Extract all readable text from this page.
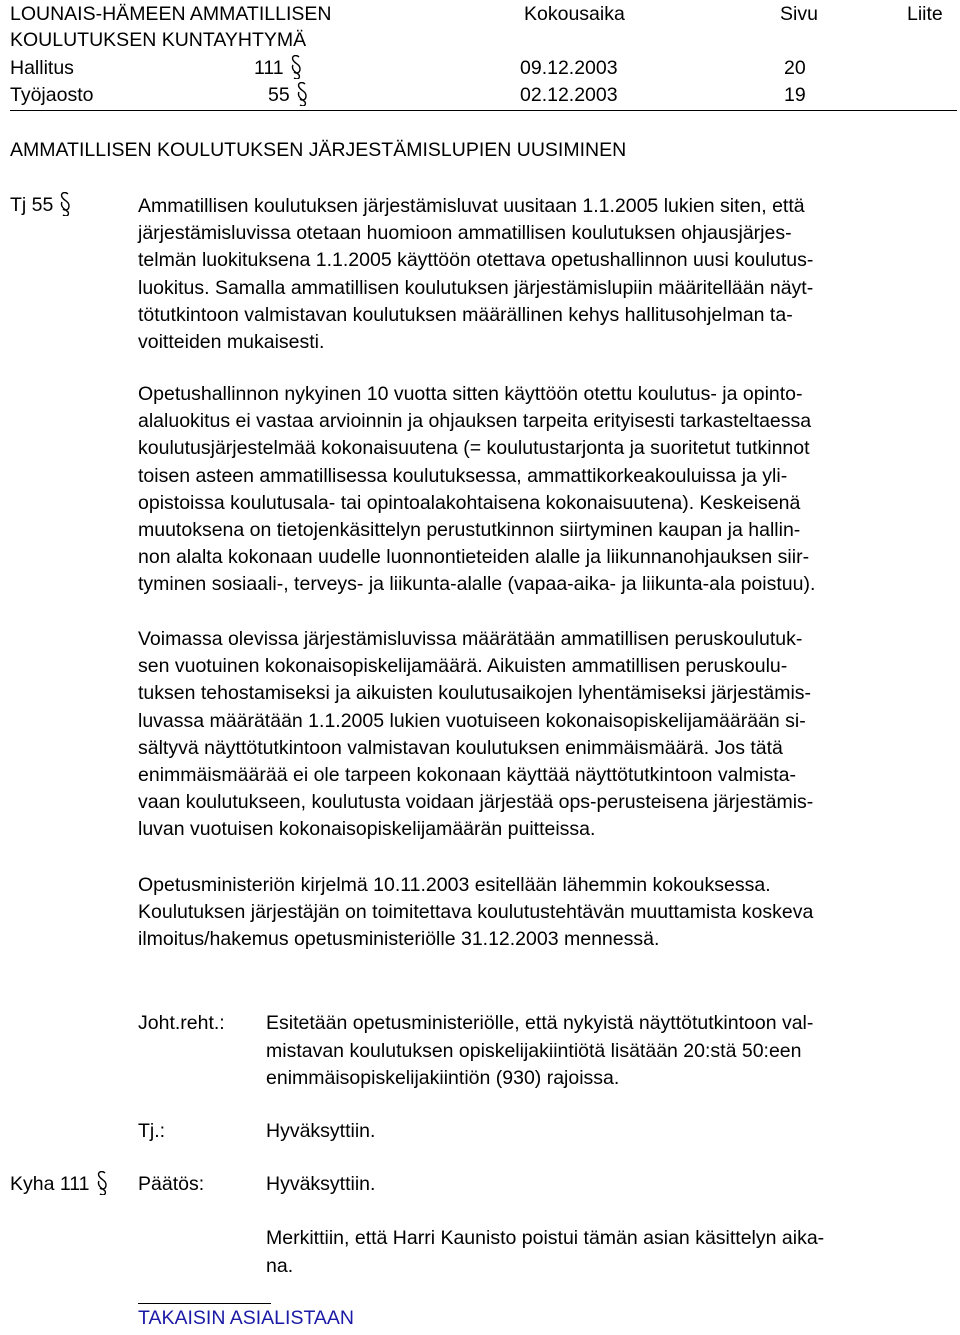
LOUNAIS-HÄMEEN AMMATILLISEN
KOULUTUKSEN KUNTAYHTYMÄ
Kokousaika	Sivu	Liite
Hallitus	111	09.12.2003	20
Työjaosto	55	02.12.2003	19
AMMATILLISEN KOULUTUKSEN JÄRJESTÄMISLUPIEN UUSIMINEN
Tj 55	Ammatillisen koulutuksen järjestämisluvat uusitaan 1.1.2005 lukien siten, että
järjestämisluvissa otetaan huomioon ammatillisen koulutuksen ohjausjärjes-
telmän luokituksena 1.1.2005 käyttöön otettava opetushallinnon uusi koulutus-
luokitus. Samalla ammatillisen koulutuksen järjestämislupiin määritellään näyt-
tötutkintoon valmistavan koulutuksen määrällinen kehys hallitusohjelman ta-
voitteiden mukaisesti.
Opetushallinnon nykyinen 10 vuotta sitten käyttöön otettu koulutus- ja opinto-
alaluokitus ei vastaa arvioinnin ja ohjauksen tarpeita erityisesti tarkasteltaessa
koulutusjärjestelmää kokonaisuutena (= koulutustarjonta ja suoritetut tutkinnot
toisen asteen ammatillisessa koulutuksessa, ammattikorkeakouluissa ja yli-
opistoissa koulutusala- tai opintoalakohtaisena kokonaisuutena). Keskeisenä
muutoksena on tietojenkäsittelyn perustutkinnon siirtyminen kaupan ja hallin-
non alalta kokonaan uudelle luonnontieteiden alalle ja liikunnanohjauksen siir-
tyminen sosiaali-, terveys- ja liikunta-alalle (vapaa-aika- ja liikunta-ala poistuu).
Voimassa olevissa järjestämisluvissa määrätään ammatillisen peruskoulutuk-
sen vuotuinen kokonaisopiskelijamäärä. Aikuisten ammatillisen peruskoulu-
tuksen tehostamiseksi ja aikuisten koulutusaikojen lyhentämiseksi järjestämis-
luvassa määrätään 1.1.2005 lukien vuotuiseen kokonaisopiskelijamäärään si-
sältyvä näyttötutkintoon valmistavan koulutuksen enimmäismäärä. Jos tätä
enimmäismäärää ei ole tarpeen kokonaan käyttää näyttötutkintoon valmista-
vaan koulutukseen, koulutusta voidaan järjestää ops-perusteisena järjestämis-
luvan vuotuisen kokonaisopiskelijamäärän puitteissa.
Opetusministeriön kirjelmä 10.11.2003 esitellään lähemmin kokouksessa.
Koulutuksen järjestäjän on toimitettava koulutustehtävän muuttamista koskeva
ilmoitus/hakemus opetusministeriölle 31.12.2003 mennessä.
Joht.reht.: Esitetään opetusministeriölle, että nykyistä näyttötutkintoon val-
mistavan koulutuksen opiskelijakiintiötä lisätään 20:stä 50:een
enimmäisopiskelijakiintiön (930) rajoissa.
Tj.:	Hyväksyttiin.
Kyha 111	Päätös:	Hyväksyttiin.
Merkittiin, että Harri Kaunisto poistui tämän asian käsittelyn aika-
na.
TAKAISIN ASIALISTAAN
